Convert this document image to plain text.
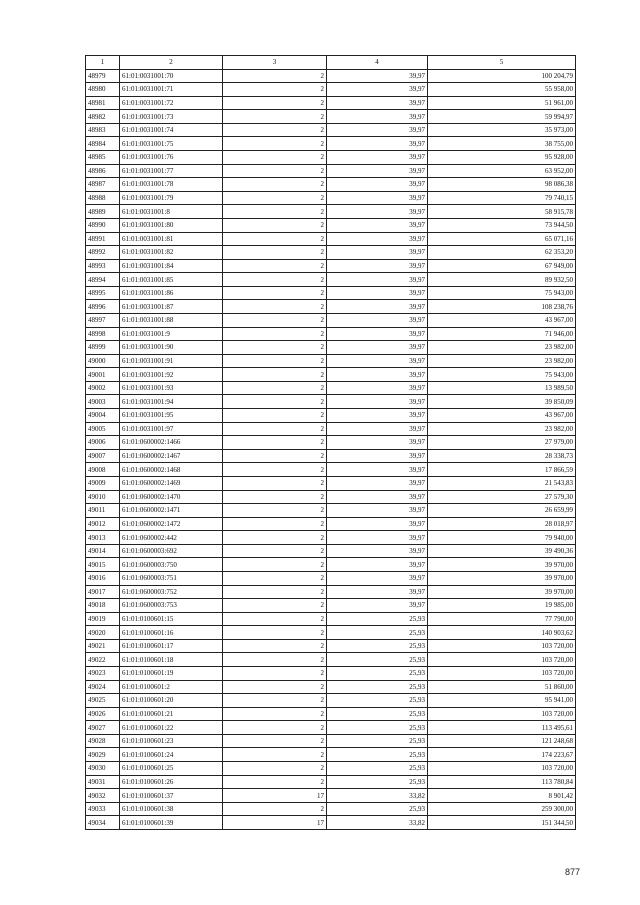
1	2	3	4	5
48979	61:01:0031001:70	2	39,97	100 204,79
48980	61:01:0031001:71	2	39,97	55 958,00
48981	61:01:0031001:72	2	39,97	51 961,00
48982	61:01:0031001:73	2	39,97	59 994,97
48983	61:01:0031001:74	2	39,97	35 973,00
48984	61:01:0031001:75	2	39,97	38 755,00
48985	61:01:0031001:76	2	39,97	95 928,00
48986	61:01:0031001:77	2	39,97	63 952,00
48987	61:01:0031001:78	2	39,97	98 086,38
48988	61:01:0031001:79	2	39,97	79 740,15
48989	61:01:0031001:8	2	39,97	58 915,78
48990	61:01:0031001:80	2	39,97	73 944,50
48991	61:01:0031001:81	2	39,97	65 071,16
48992	61:01:0031001:82	2	39,97	62 353,20
48993	61:01:0031001:84	2	39,97	67 949,00
48994	61:01:0031001:85	2	39,97	89 932,50
48995	61:01:0031001:86	2	39,97	75 943,00
48996	61:01:0031001:87	2	39,97	108 238,76
48997	61:01:0031001:88	2	39,97	43 967,00
48998	61:01:0031001:9	2	39,97	71 946,00
48999	61:01:0031001:90	2	39,97	23 982,00
49000	61:01:0031001:91	2	39,97	23 982,00
49001	61:01:0031001:92	2	39,97	75 943,00
49002	61:01:0031001:93	2	39,97	13 989,50
49003	61:01:0031001:94	2	39,97	39 850,09
49004	61:01:0031001:95	2	39,97	43 967,00
49005	61:01:0031001:97	2	39,97	23 982,00
49006	61:01:0600002:1466	2	39,97	27 979,00
49007	61:01:0600002:1467	2	39,97	28 338,73
49008	61:01:0600002:1468	2	39,97	17 866,59
49009	61:01:0600002:1469	2	39,97	21 543,83
49010	61:01:0600002:1470	2	39,97	27 579,30
49011	61:01:0600002:1471	2	39,97	26 659,99
49012	61:01:0600002:1472	2	39,97	28 018,97
49013	61:01:0600002:442	2	39,97	79 940,00
49014	61:01:0600003:692	2	39,97	39 490,36
49015	61:01:0600003:750	2	39,97	39 970,00
49016	61:01:0600003:751	2	39,97	39 970,00
49017	61:01:0600003:752	2	39,97	39 970,00
49018	61:01:0600003:753	2	39,97	19 985,00
49019	61:01:0100601:15	2	25,93	77 790,00
49020	61:01:0100601:16	2	25,93	140 903,62
49021	61:01:0100601:17	2	25,93	103 720,00
49022	61:01:0100601:18	2	25,93	103 720,00
49023	61:01:0100601:19	2	25,93	103 720,00
49024	61:01:0100601:2	2	25,93	51 860,00
49025	61:01:0100601:20	2	25,93	95 941,00
49026	61:01:0100601:21	2	25,93	103 720,00
49027	61:01:0100601:22	2	25,93	113 495,61
49028	61:01:0100601:23	2	25,93	121 248,68
49029	61:01:0100601:24	2	25,93	174 223,67
49030	61:01:0100601:25	2	25,93	103 720,00
49031	61:01:0100601:26	2	25,93	113 780,84
49032	61:01:0100601:37	17	33,82	8 901,42
49033	61:01:0100601:38	2	25,93	259 300,00
49034	61:01:0100601:39	17	33,82	151 344,50
877
